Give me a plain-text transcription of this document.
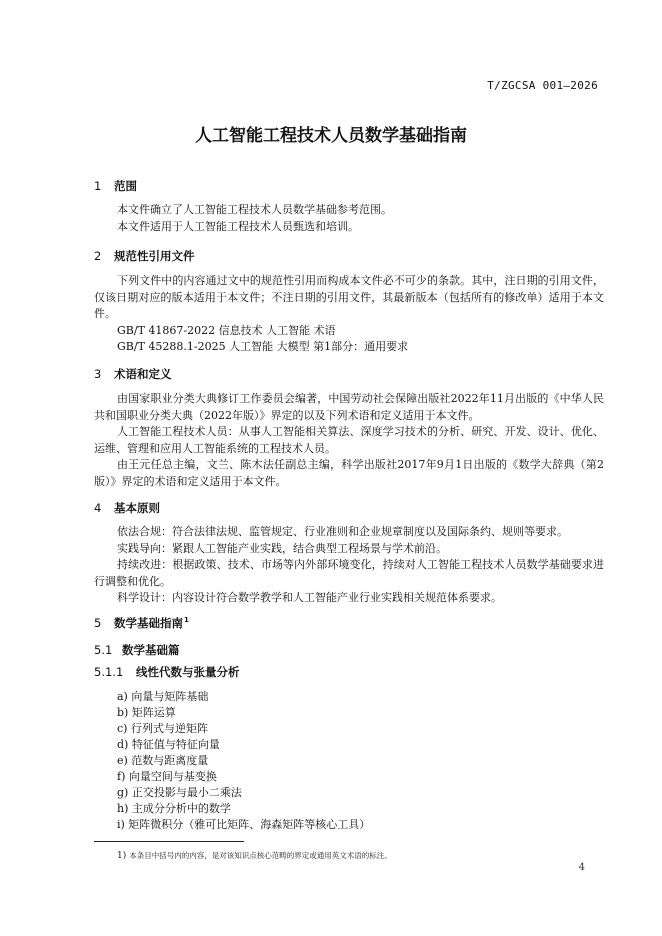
T/ZGCSA 001—2026
人工智能工程技术人员数学基础指南
1 范围

本文件确立了人工智能工程技术人员数学基础参考范围。

本文件适用于人工智能工程技术人员甄选和培训。

2 规范性引用文件

下列文件中的内容通过文中的规范性引用而构成本文件必不可少的条款。其中，注日期的引用文件，仅该日期对应的版本适用于本文件；不注日期的引用文件，其最新版本（包括所有的修改单）适用于本文件。

GB/T 41867-2022 信息技术 人工智能 术语

GB/T 45288.1-2025 人工智能 大模型 第1部分：通用要求

3 术语和定义

由国家职业分类大典修订工作委员会编著，中国劳动社会保障出版社2022年11月出版的《中华人民共和国职业分类大典（2022年版）》界定的以及下列术语和定义适用于本文件。

人工智能工程技术人员：从事人工智能相关算法、深度学习技术的分析、研究、开发、设计、优化、运维、管理和应用人工智能系统的工程技术人员。

由王元任总主编，文兰、陈木法任副总主编，科学出版社2017年9月1日出版的《数学大辞典（第2版）》界定的术语和定义适用于本文件。

4 基本原则

依法合规：符合法律法规、监管规定、行业准则和企业规章制度以及国际条约、规则等要求。

实践导向：紧跟人工智能产业实践，结合典型工程场景与学术前沿。

持续改进：根据政策、技术、市场等内外部环境变化，持续对人工智能工程技术人员数学基础要求进行调整和优化。

科学设计：内容设计符合数学教学和人工智能产业行业实践相关规范体系要求。

5 数学基础指南$^1$
5.1 数学基础篇
5.1.1 线性代数与张量分析
a) 向量与矩阵基础
b) 矩阵运算
c) 行列式与逆矩阵
d) 特征值与特征向量
e) 范数与距离度量
f) 向量空间与基变换
g) 正交投影与最小二乘法
h) 主成分分析中的数学
i) 矩阵微积分（雅可比矩阵、海森矩阵等核心工具）
1) 本条目中括号内的内容，是对该知识点核心范畴的界定或通用英文术语的标注。
4
